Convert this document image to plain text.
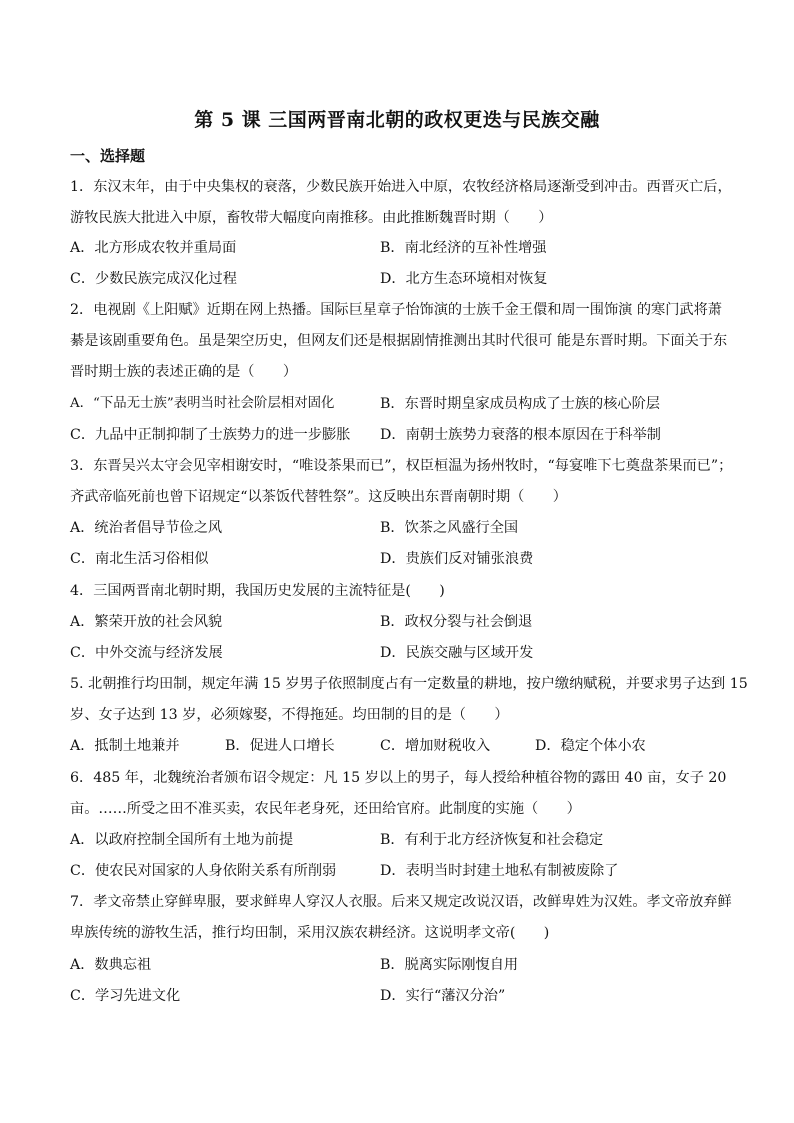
第 5 课 三国两晋南北朝的政权更迭与民族交融
一、选择题
1．东汉末年，由于中央集权的衰落，少数民族开始进入中原，农牧经济格局逐渐受到冲击。西晋灭亡后，
游牧民族大批进入中原，畜牧带大幅度向南推移。由此推断魏晋时期（　　）
A．北方形成农牧并重局面	B．南北经济的互补性增强
C．少数民族完成汉化过程	D．北方生态环境相对恢复
2．电视剧《上阳赋》近期在网上热播。国际巨星章子怡饰演的士族千金王儇和周一围饰演 的寒门武将萧
綦是该剧重要角色。虽是架空历史，但网友们还是根据剧情推测出其时代很可 能是东晋时期。下面关于东
晋时期士族的表述正确的是（　　）
A．“下品无士族”表明当时社会阶层相对固化	B．东晋时期皇家成员构成了士族的核心阶层
C．九品中正制抑制了士族势力的进一步膨胀 D．南朝士族势力衰落的根本原因在于科举制
3．东晋吴兴太守会见宰相谢安时，“唯设茶果而已”，权臣桓温为扬州牧时，“每宴唯下七奠盘茶果而已”；
齐武帝临死前也曾下诏规定“以茶饭代替牲祭”。这反映出东晋南朝时期（　　）
A．统治者倡导节俭之风	B．饮茶之风盛行全国
C．南北生活习俗相似	D．贵族们反对铺张浪费
4．三国两晋南北朝时期，我国历史发展的主流特征是(　　)
A．繁荣开放的社会风貌	B．政权分裂与社会倒退
C．中外交流与经济发展	D．民族交融与区域开发
5. 北朝推行均田制，规定年满 15 岁男子依照制度占有一定数量的耕地，按户缴纳赋税，并要求男子达到 15
岁、女子达到 13 岁，必须嫁娶，不得拖延。均田制的目的是（　　）
A．抵制土地兼并	B．促进人口增长	C．增加财税收入	D．稳定个体小农
6．485 年，北魏统治者颁布诏令规定：凡 15 岁以上的男子，每人授给种植谷物的露田 40 亩，女子 20
亩。……所受之田不准买卖，农民年老身死，还田给官府。此制度的实施（　　）
A．以政府控制全国所有土地为前提	B．有利于北方经济恢复和社会稳定
C．使农民对国家的人身依附关系有所削弱	D．表明当时封建土地私有制被废除了
7．孝文帝禁止穿鲜卑服，要求鲜卑人穿汉人衣服。后来又规定改说汉语，改鲜卑姓为汉姓。孝文帝放弃鲜
卑族传统的游牧生活，推行均田制，采用汉族农耕经济。这说明孝文帝(　　)
A．数典忘祖	B．脱离实际刚愎自用
C．学习先进文化	D．实行“藩汉分治”
